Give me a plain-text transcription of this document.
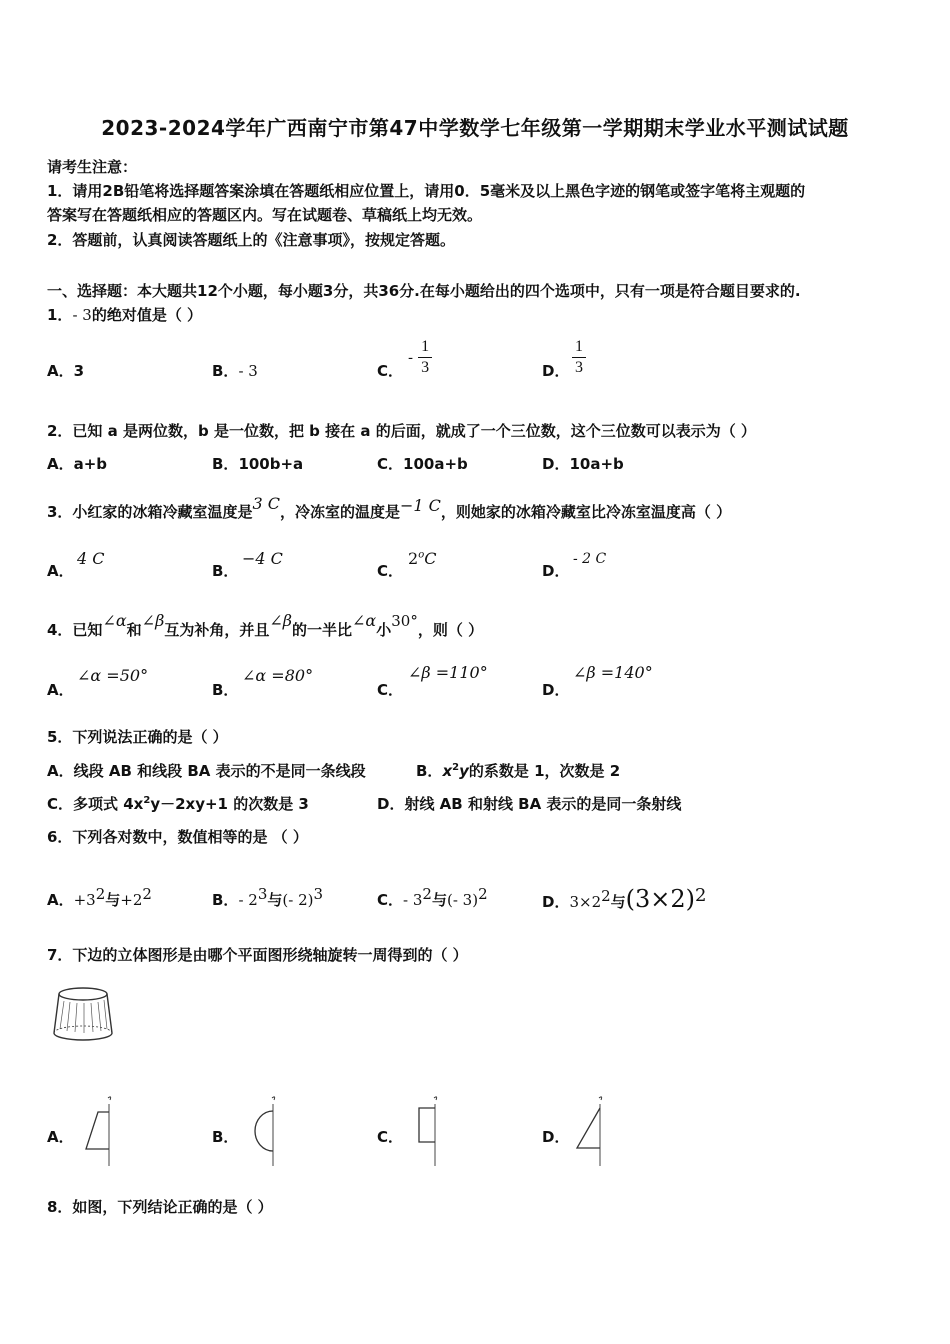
2023-2024学年广西南宁市第47中学数学七年级第一学期期末学业水平测试试题
请考生注意：
1．请用2B铅笔将选择题答案涂填在答题纸相应位置上，请用0．5毫米及以上黑色字迹的钢笔或签字笔将主观题的
答案写在答题纸相应的答题区内。写在试题卷、草稿纸上均无效。
2．答题前，认真阅读答题纸上的《注意事项》，按规定答题。
一、选择题：本大题共12个小题，每小题3分，共36分.在每小题给出的四个选项中，只有一项是符合题目要求的.
1．- 3的绝对值是（ ）
A．3	B．- 3	C．
- $\frac{1}{3}$	D． $\frac{1}{3}$
2．已知 a 是两位数，b 是一位数，把 b 接在 a 的后面，就成了一个三位数，这个三位数可以表示为（ ）
A．a+b	B．100b+a	C．100a+b	D．10a+b
3．小红家的冰箱冷藏室温度是3 C，冷冻室的温度是−1 C，则她家的冰箱冷藏室比冷冻室温度高（ ）
A．
4 C
B．
−4 C
C．
2$^o$C
D．
- 2 C
4．已知∠α和∠β互为补角，并且∠β的一半比∠α小30°，则（ ）
A．
∠α =50°
B．
∠α =80°
C．
∠β =110°
D．
∠β =140°
5．下列说法正确的是（ ）
A．线段 AB 和线段 BA 表示的不是同一条线段	B．$x^2y$的系数是 1，次数是 2
C．多项式 $4x^2y-2xy+1$ 的次数是 3	D．射线 AB 和射线 BA 表示的是同一条射线
6．下列各对数中，数值相等的是 （ ）
A．$+3^2$与$+2^2$	B．- $2^3$与(- 2)$^3$	C．- $3^2$与(- 3)$^2$	D．$3\times 2^2$与$(3\times 2)^2$
7．下边的立体图形是由哪个平面图形绕轴旋转一周得到的（ ）
A．	B．	C．	D．
8．如图，下列结论正确的是（ ）
